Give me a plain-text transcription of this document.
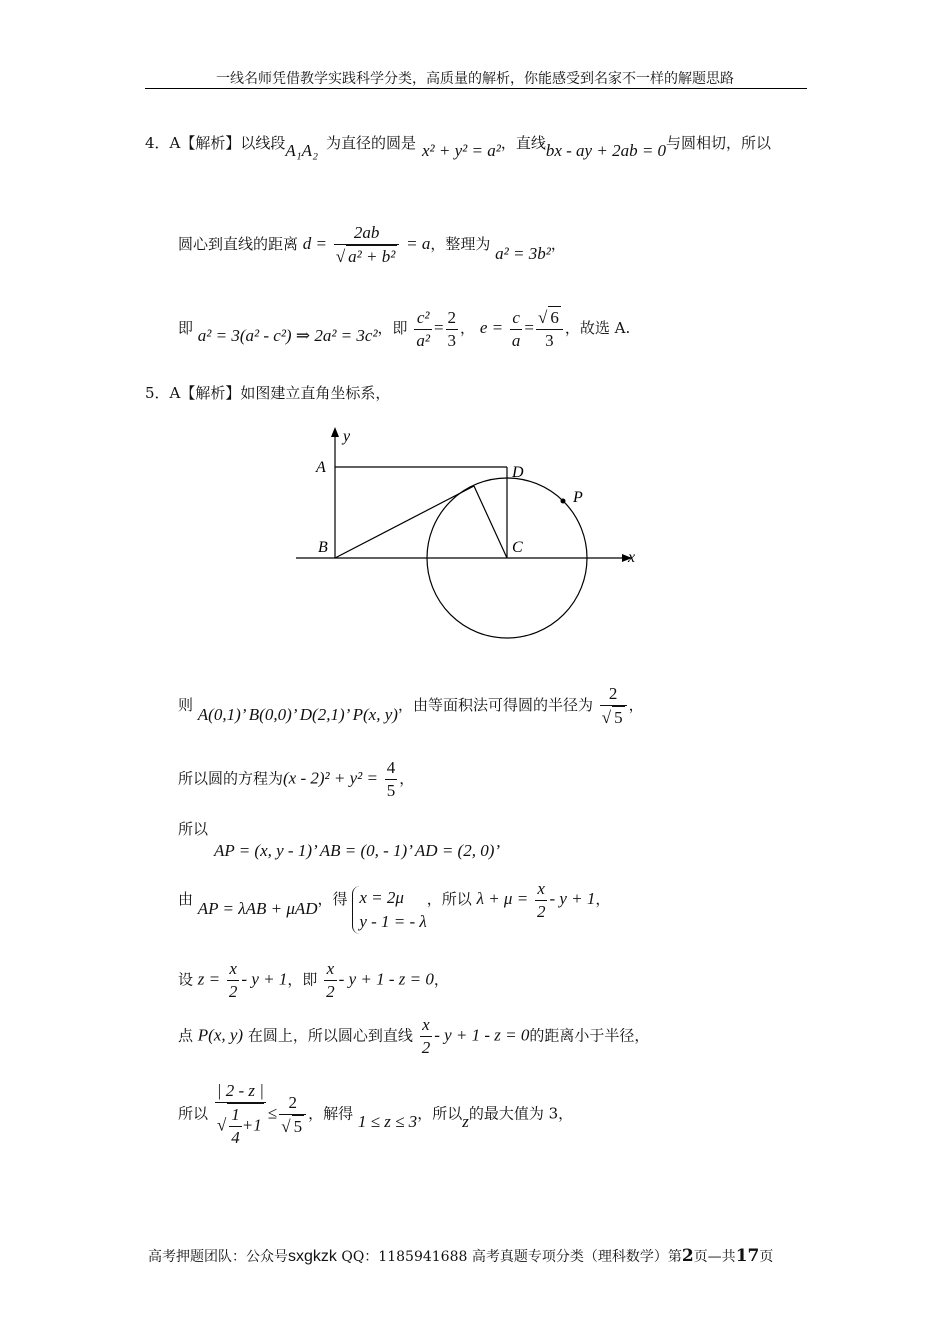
一线名师凭借教学实践科学分类，高质量的解析，你能感受到名家不一样的解题思路
4．A【解析】以线段A₁A₂ 为直径的圆是 x² + y² = a²，直线bx - ay + 2ab = 0与圆相切，所以
圆心到直线的距离 $d = \frac{2ab}{\text{√ a² + b²}} = a$，整理为 a² = 3b²，
即 a² = 3(a² - c²) ⇒ 2a² = 3c²，即 $\frac{\text{c²}}{\text{a²}} = \frac{2}{3}$ ， $e = \frac{c}{a} = \frac{√ 6}{3}$ ，故选 A.
5．A【解析】如图建立直角坐标系，
y
x
A
B	C
D
P
则 A(0,1)’ B(0,0)’ D(2,1)’ P(x, y)，由等面积法可得圆的半径为 $\frac{2}{√ 5}$ ，
所以圆的方程为$(x - 2)^2 + y^2 = \frac{4}{5}$ ，
所以
AP = (x, y - 1)’ AB = (0, - 1)’ AD = (2, 0)’
由 AP = λAB + μAD，得 x = 2μ
y - 1 = - λ
，所以 $\lambda + \mu = \frac{x}{2} - y + 1$，
设 $z = \frac{x}{2} - y + 1$，即 $\frac{x}{2} - y + 1 - z = 0$，
点 P(x, y) 在圆上，所以圆心到直线 $\frac{x}{2} - y + 1 - z = 0$的距离小于半径，
所以 $\frac{| 2 - z |}{√ \frac{1}{4} +1} \le \frac{2}{√ 5}$ ，解得 1 ≤ z ≤ 3，所以z的最大值为 3，
高考押题团队：公众号sxgkzk QQ：1185941688 高考真题专项分类（理科数学）第2页—共17页
